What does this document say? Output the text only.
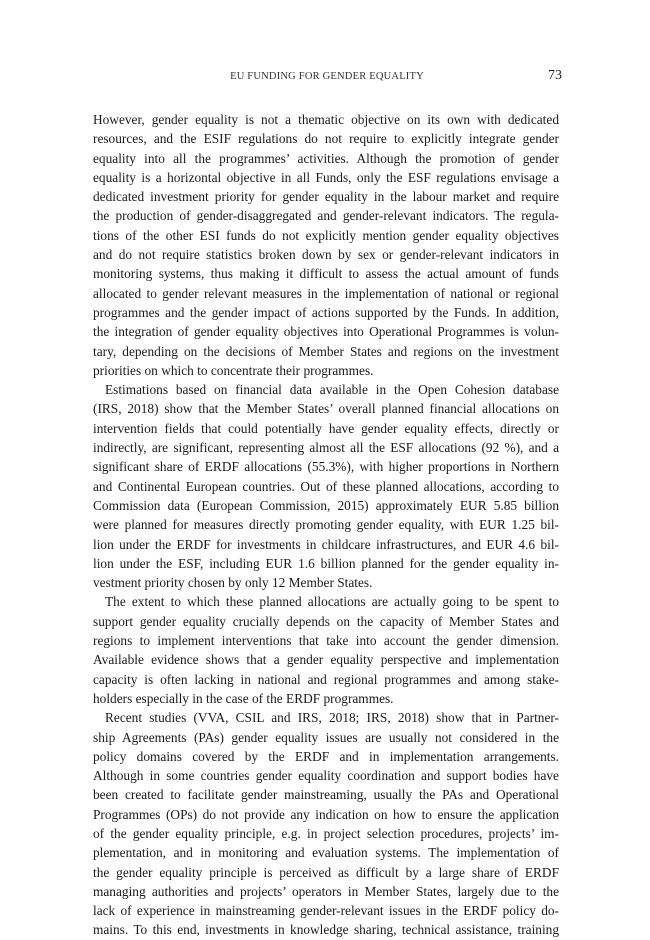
EU FUNDING FOR GENDER EQUALITY	73
However, gender equality is not a thematic objective on its own with dedicated
resources, and the ESIF regulations do not require to explicitly integrate gender
equality into all the programmes’ activities. Although the promotion of gender
equality is a horizontal objective in all Funds, only the ESF regulations envisage a
dedicated investment priority for gender equality in the labour market and require
the production of gender-disaggregated and gender-relevant indicators. The regula-
tions of the other ESI funds do not explicitly mention gender equality objectives
and do not require statistics broken down by sex or gender-relevant indicators in
monitoring systems, thus making it difficult to assess the actual amount of funds
allocated to gender relevant measures in the implementation of national or regional
programmes and the gender impact of actions supported by the Funds. In addition,
the integration of gender equality objectives into Operational Programmes is volun-
tary, depending on the decisions of Member States and regions on the investment
priorities on which to concentrate their programmes.
Estimations based on financial data available in the Open Cohesion database
(IRS, 2018) show that the Member States’ overall planned financial allocations on
intervention fields that could potentially have gender equality effects, directly or
indirectly, are significant, representing almost all the ESF allocations (92 %), and a
significant share of ERDF allocations (55.3%), with higher proportions in Northern
and Continental European countries. Out of these planned allocations, according to
Commission data (European Commission, 2015) approximately EUR 5.85 billion
were planned for measures directly promoting gender equality, with EUR 1.25 bil-
lion under the ERDF for investments in childcare infrastructures, and EUR 4.6 bil-
lion under the ESF, including EUR 1.6 billion planned for the gender equality in-
vestment priority chosen by only 12 Member States.
The extent to which these planned allocations are actually going to be spent to
support gender equality crucially depends on the capacity of Member States and
regions to implement interventions that take into account the gender dimension.
Available evidence shows that a gender equality perspective and implementation
capacity is often lacking in national and regional programmes and among stake-
holders especially in the case of the ERDF programmes.
Recent studies (VVA, CSIL and IRS, 2018; IRS, 2018) show that in Partner-
ship Agreements (PAs) gender equality issues are usually not considered in the
policy domains covered by the ERDF and in implementation arrangements.
Although in some countries gender equality coordination and support bodies have
been created to facilitate gender mainstreaming, usually the PAs and Operational
Programmes (OPs) do not provide any indication on how to ensure the application
of the gender equality principle, e.g. in project selection procedures, projects’ im-
plementation, and in monitoring and evaluation systems. The implementation of
the gender equality principle is perceived as difficult by a large share of ERDF
managing authorities and projects’ operators in Member States, largely due to the
lack of experience in mainstreaming gender-relevant issues in the ERDF policy do-
mains. To this end, investments in knowledge sharing, technical assistance, training
